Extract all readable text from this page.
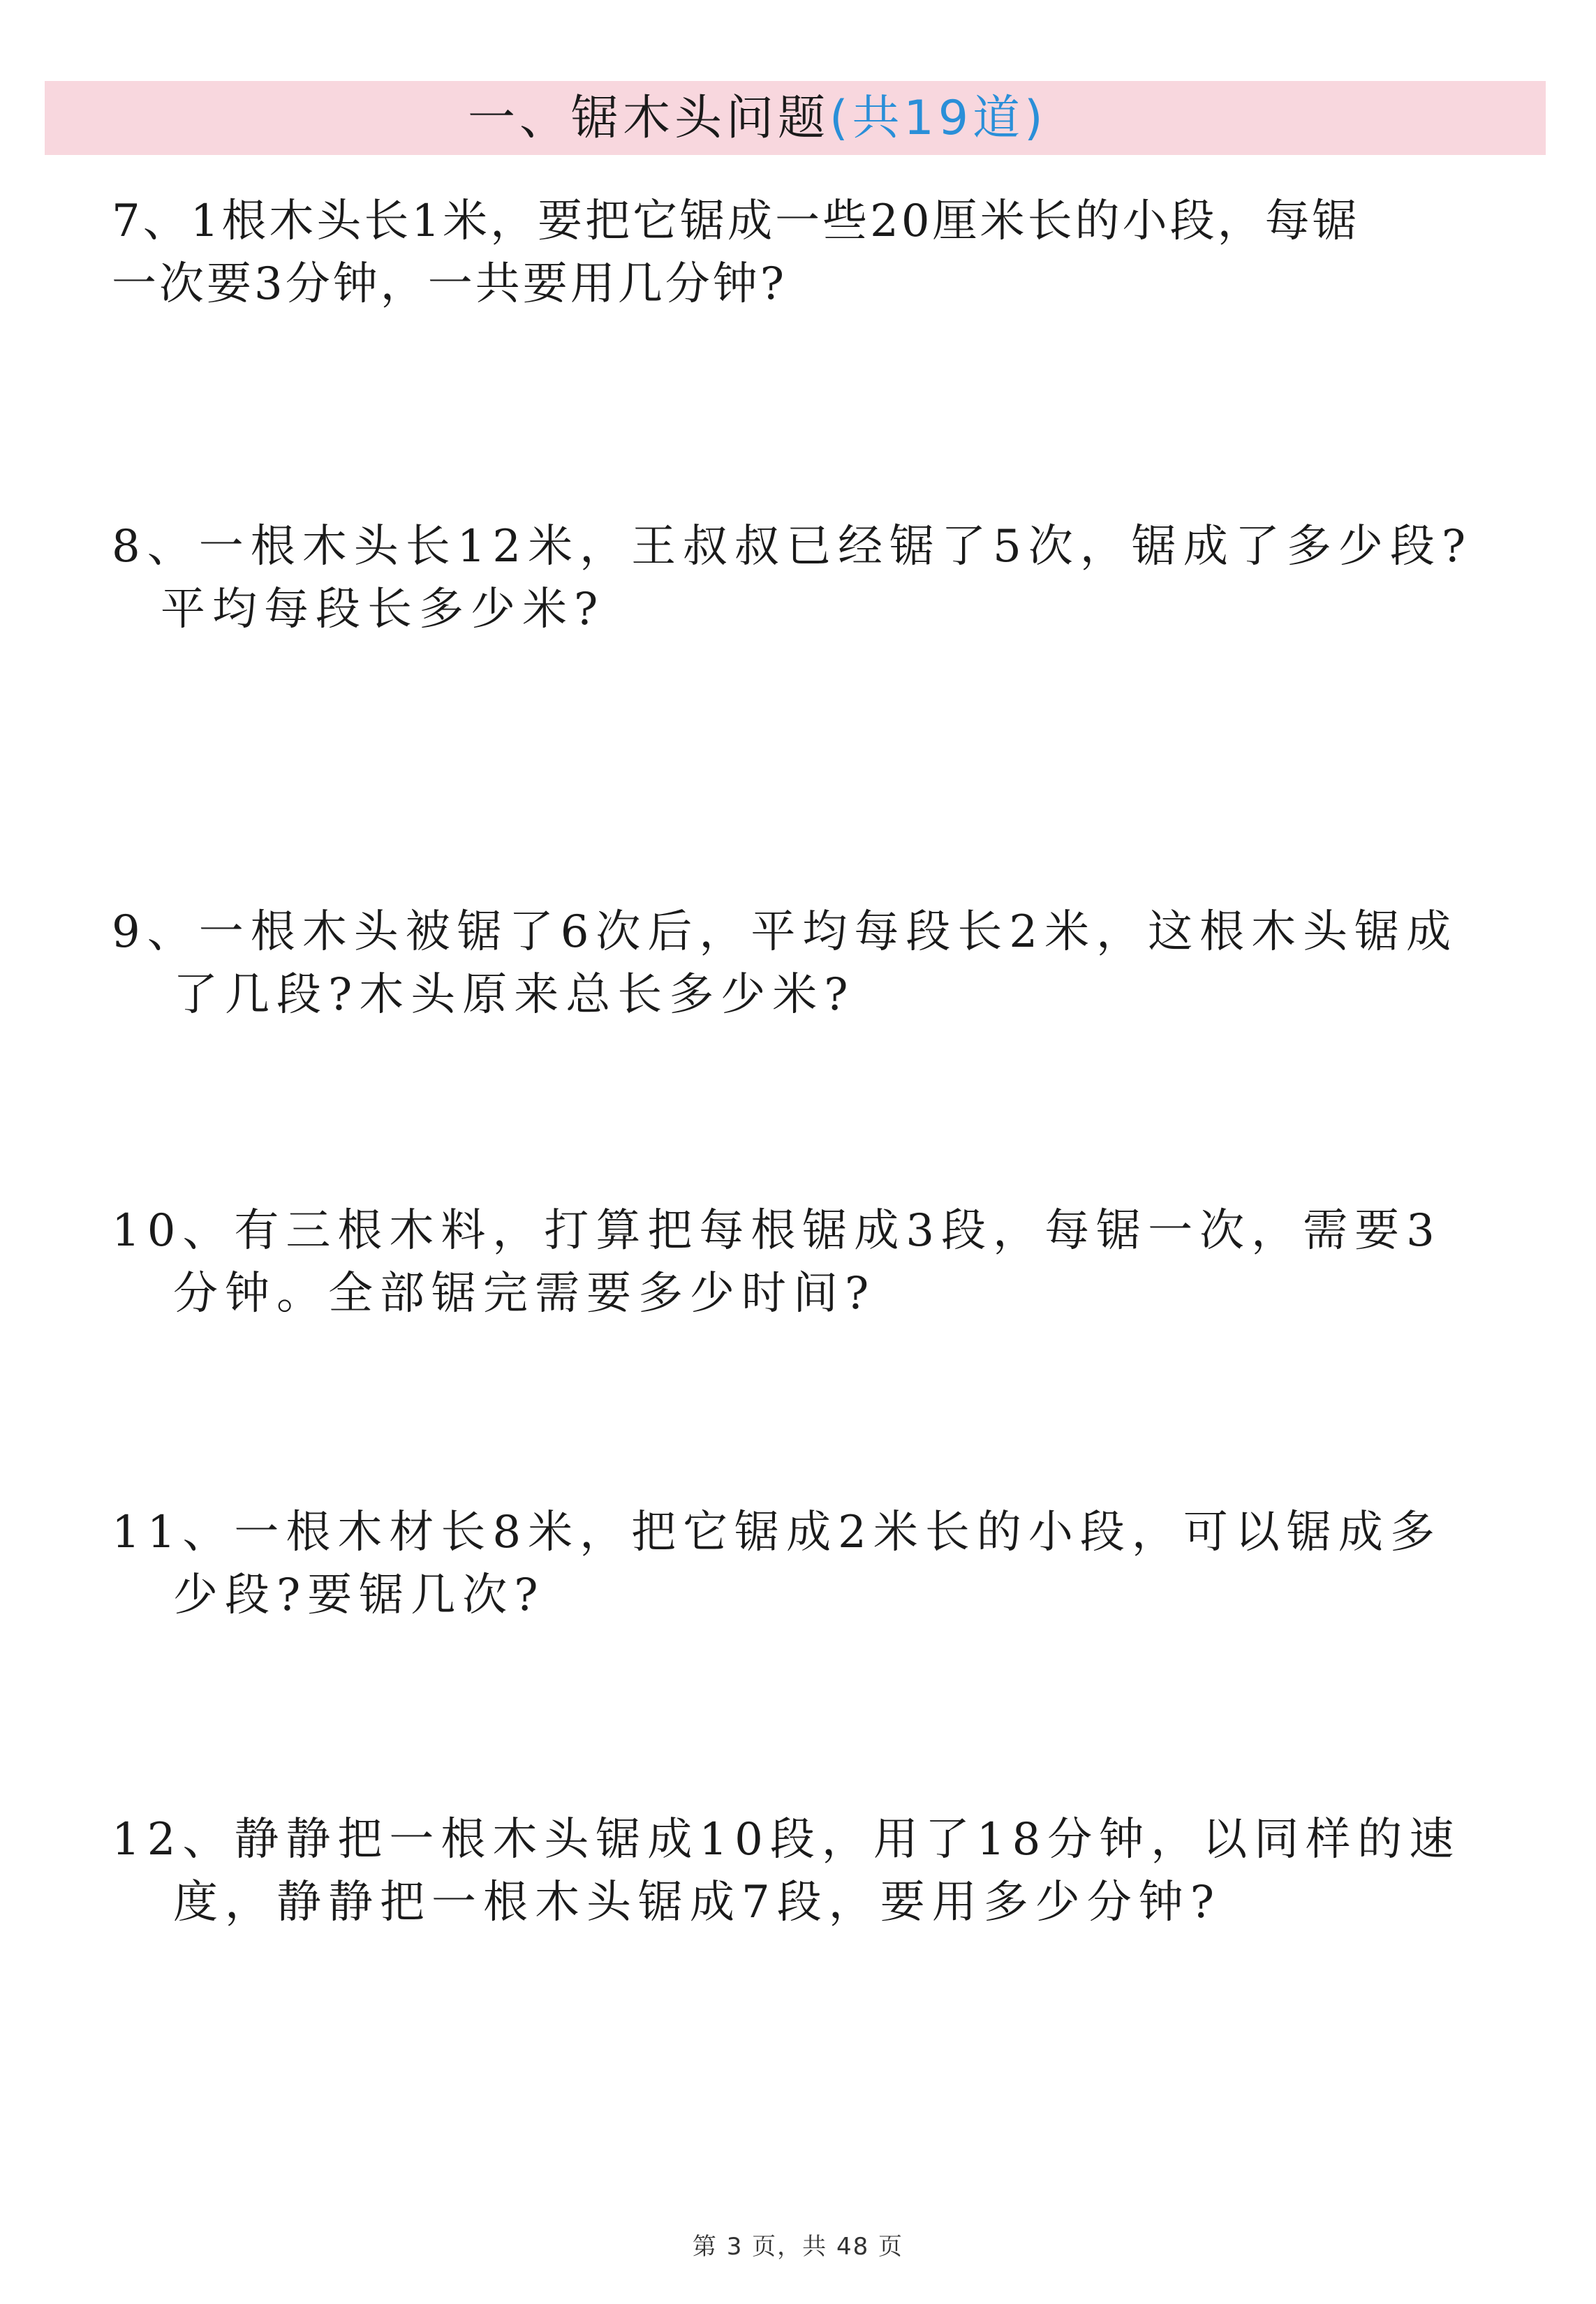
一、锯木头问题(共19道)
7、1根木头长1米，要把它锯成一些20厘米长的小段，每锯
一次要3分钟，一共要用几分钟?
8、一根木头长12米，王叔叔已经锯了5次，锯成了多少段?
平均每段长多少米?
9、一根木头被锯了6次后，平均每段长2米，这根木头锯成
了几段?木头原来总长多少米?
10、有三根木料，打算把每根锯成3段，每锯一次，需要3
分钟。全部锯完需要多少时间?
11、一根木材长8米，把它锯成2米长的小段，可以锯成多
少段?要锯几次?
12、静静把一根木头锯成10段，用了18分钟，以同样的速
度，静静把一根木头锯成7段，要用多少分钟?
第 3 页，共 48 页
